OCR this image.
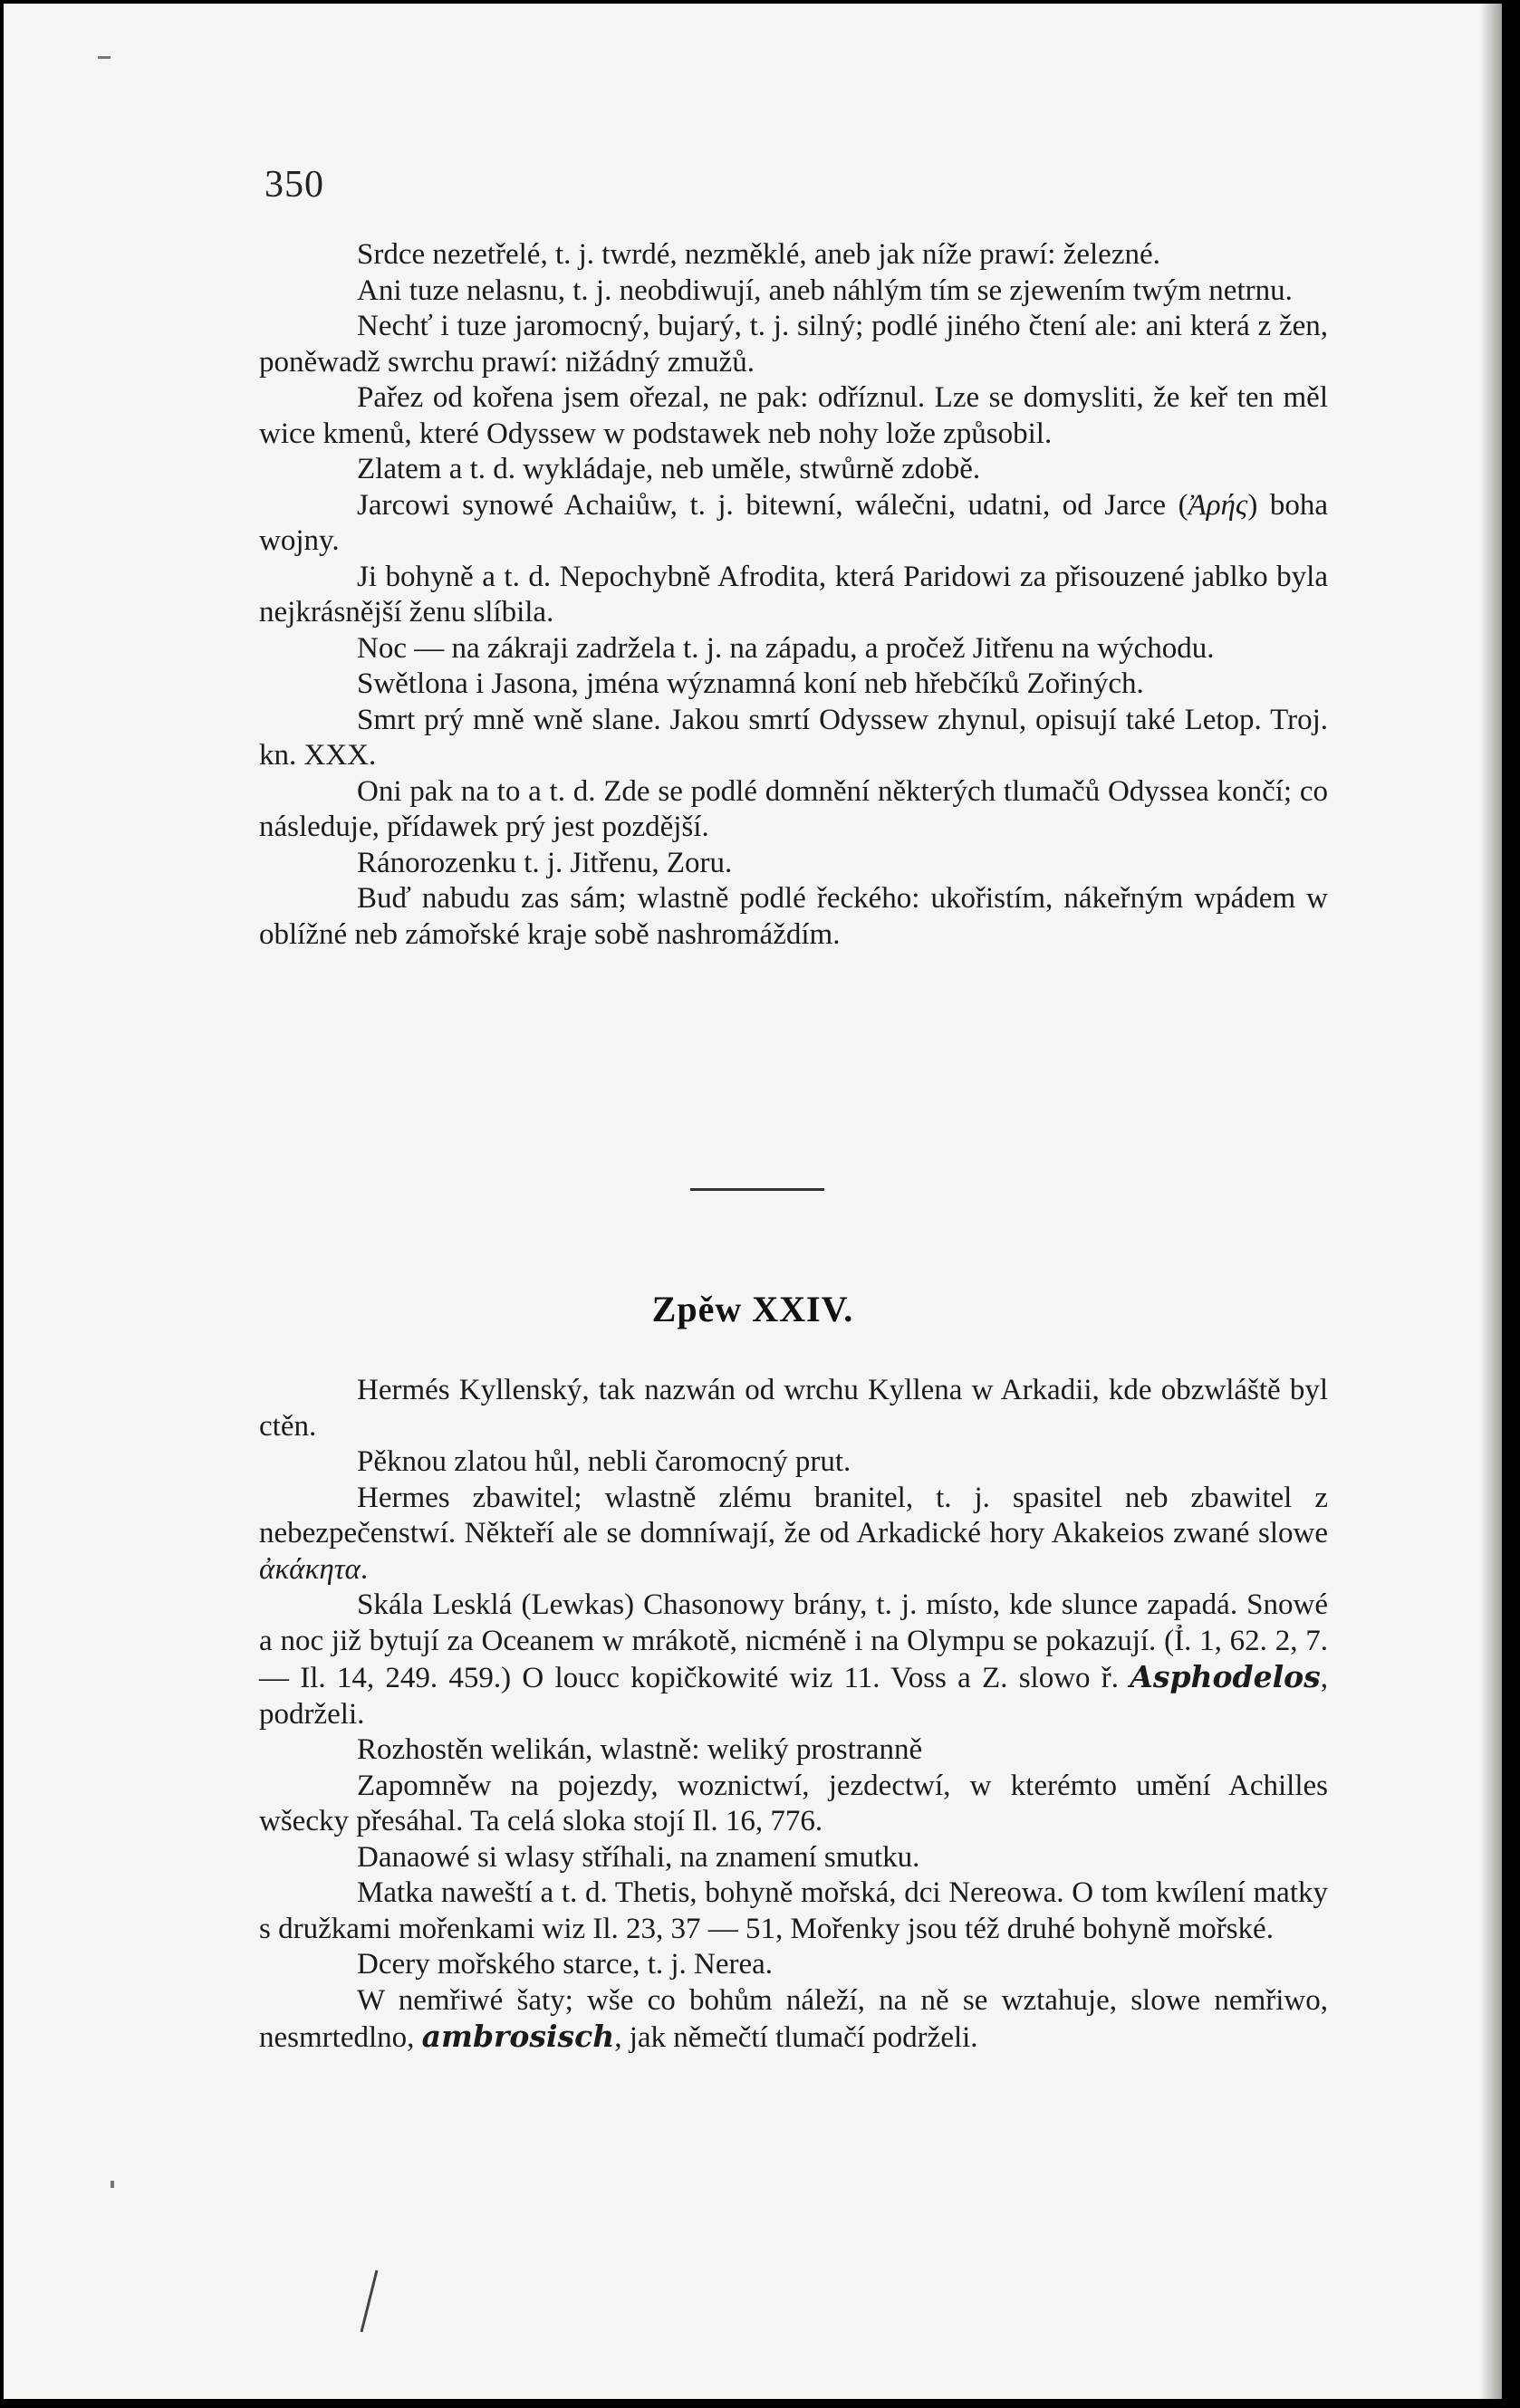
350

Srdce nezetřelé, t. j. twrdé, nezměklé, aneb jak níže prawí: železné.

Ani tuze nelasnu, t. j. neobdiwují, aneb náhlým tím se zjewením twým netrnu.

Nechť i tuze jaromocný, bujarý, t. j. silný; podlé jiného čtení ale: ani která z žen, poněwadž swrchu prawí: nižádný zmužů.

Pařez od kořena jsem ořezal, ne pak: odříznul. Lze se domysliti, že keř ten měl wice kmenů, které Odyssew w podstawek neb nohy lože způsobil.

Zlatem a t. d. wykládaje, neb uměle, stwůrně zdobě.

Jarcowi synowé Achaiůw, t. j. bitewní, wálečni, udatni, od Jarce (Ἀρής) boha wojny.

Ji bohyně a t. d. Nepochybně Afrodita, která Paridowi za přisouzené jablko byla nejkrásnější ženu slíbila.

Noc — na zákraji zadržela t. j. na západu, a pročež Jitřenu na wýchodu.

Swětlona i Jasona, jména wýznamná koní neb hřebčíků Zořiných.

Smrt prý mně wně slane. Jakou smrtí Odyssew zhynul, opisují také Letop. Troj. kn. XXX.

Oni pak na to a t. d. Zde se podlé domnění některých tlumačů Odyssea končí; co následuje, přídawek prý jest pozdější.

Ránorozenku t. j. Jitřenu, Zoru.

Buď nabudu zas sám; wlastně podlé řeckého: ukořistím, nákeřným wpádem w oblížné neb zámořské kraje sobě nashromáždím.

Zpěw XXIV.

Hermés Kyllenský, tak nazwán od wrchu Kyllena w Arkadii, kde obzwláště byl ctěn.

Pěknou zlatou hůl, nebli čaromocný prut.

Hermes zbawitel; wlastně zlému branitel, t. j. spasitel neb zbawitel z nebezpečenstwí. Někteří ale se domníwají, že od Arkadické hory Akakeios zwané slowe ἀκάκητα.

Skála Lesklá (Lewkas) Chasonowy brány, t. j. místo, kde slunce zapadá. Snowé a noc již bytují za Oceanem w mrákotě, nicméně i na Olympu se pokazují. (Ỉ. 1, 62. 2, 7. — Il. 14, 249. 459.) O loucc kopičkowité wiz 11. Voss a Z. slowo ř. Asphodelos, podrželi.

Rozhostěn welikán, wlastně: weliký prostranně

Zapomněw na pojezdy, woznictwí, jezdectwí, w kterémto umění Achilles wšecky přesáhal. Ta celá sloka stojí Il. 16, 776.

Danaowé si wlasy stříhali, na znamení smutku.

Matka naweští a t. d. Thetis, bohyně mořská, dci Nereowa. O tom kwílení matky s družkami mořenkami wiz Il. 23, 37 — 51, Mořenky jsou též druhé bohyně mořské.

Dcery mořského starce, t. j. Nerea.

W nemřiwé šaty; wše co bohům náleží, na ně se wztahuje, slowe nemřiwo, nesmrtedlno, ambrosisch, jak němečtí tlumačí podrželi.
